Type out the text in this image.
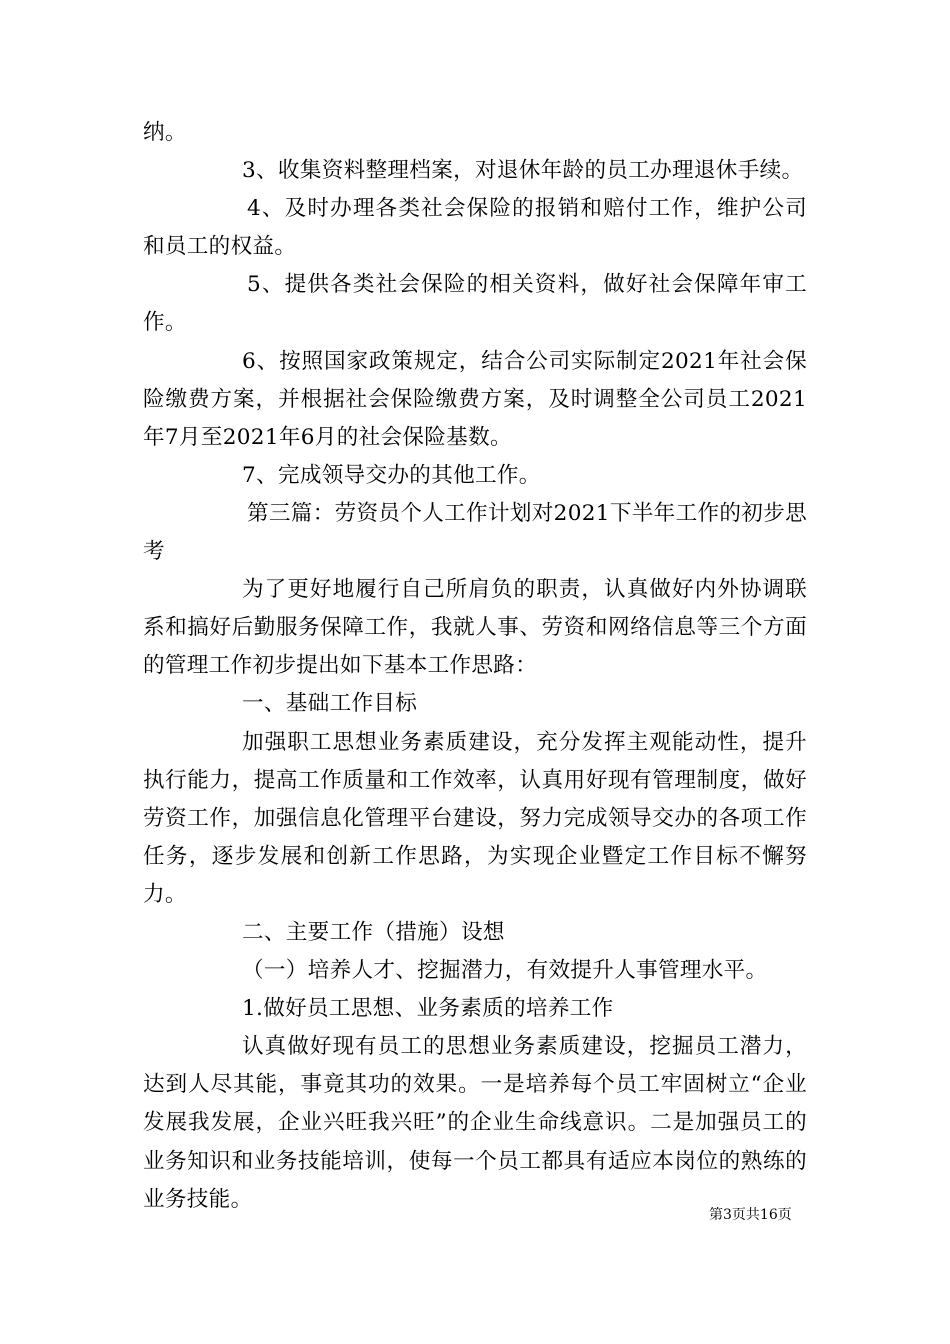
纳。

3、收集资料整理档案，对退休年龄的员工办理退休手续。

4、及时办理各类社会保险的报销和赔付工作，维护公司和员工的权益。

5、提供各类社会保险的相关资料，做好社会保障年审工作。

6、按照国家政策规定，结合公司实际制定2021年社会保险缴费方案，并根据社会保险缴费方案，及时调整全公司员工2021年7月至2021年6月的社会保险基数。

7、完成领导交办的其他工作。

第三篇：劳资员个人工作计划对2021下半年工作的初步思考

为了更好地履行自己所肩负的职责，认真做好内外协调联系和搞好后勤服务保障工作，我就人事、劳资和网络信息等三个方面的管理工作初步提出如下基本工作思路：

一、基础工作目标

加强职工思想业务素质建设，充分发挥主观能动性，提升执行能力，提高工作质量和工作效率，认真用好现有管理制度，做好劳资工作，加强信息化管理平台建设，努力完成领导交办的各项工作任务，逐步发展和创新工作思路，为实现企业暨定工作目标不懈努力。

二、主要工作（措施）设想

（一）培养人才、挖掘潜力，有效提升人事管理水平。

1.做好员工思想、业务素质的培养工作

认真做好现有员工的思想业务素质建设，挖掘员工潜力，达到人尽其能，事竟其功的效果。一是培养每个员工牢固树立“企业发展我发展，企业兴旺我兴旺”的企业生命线意识。二是加强员工的业务知识和业务技能培训，使每一个员工都具有适应本岗位的熟练的业务技能。

第3页共16页
